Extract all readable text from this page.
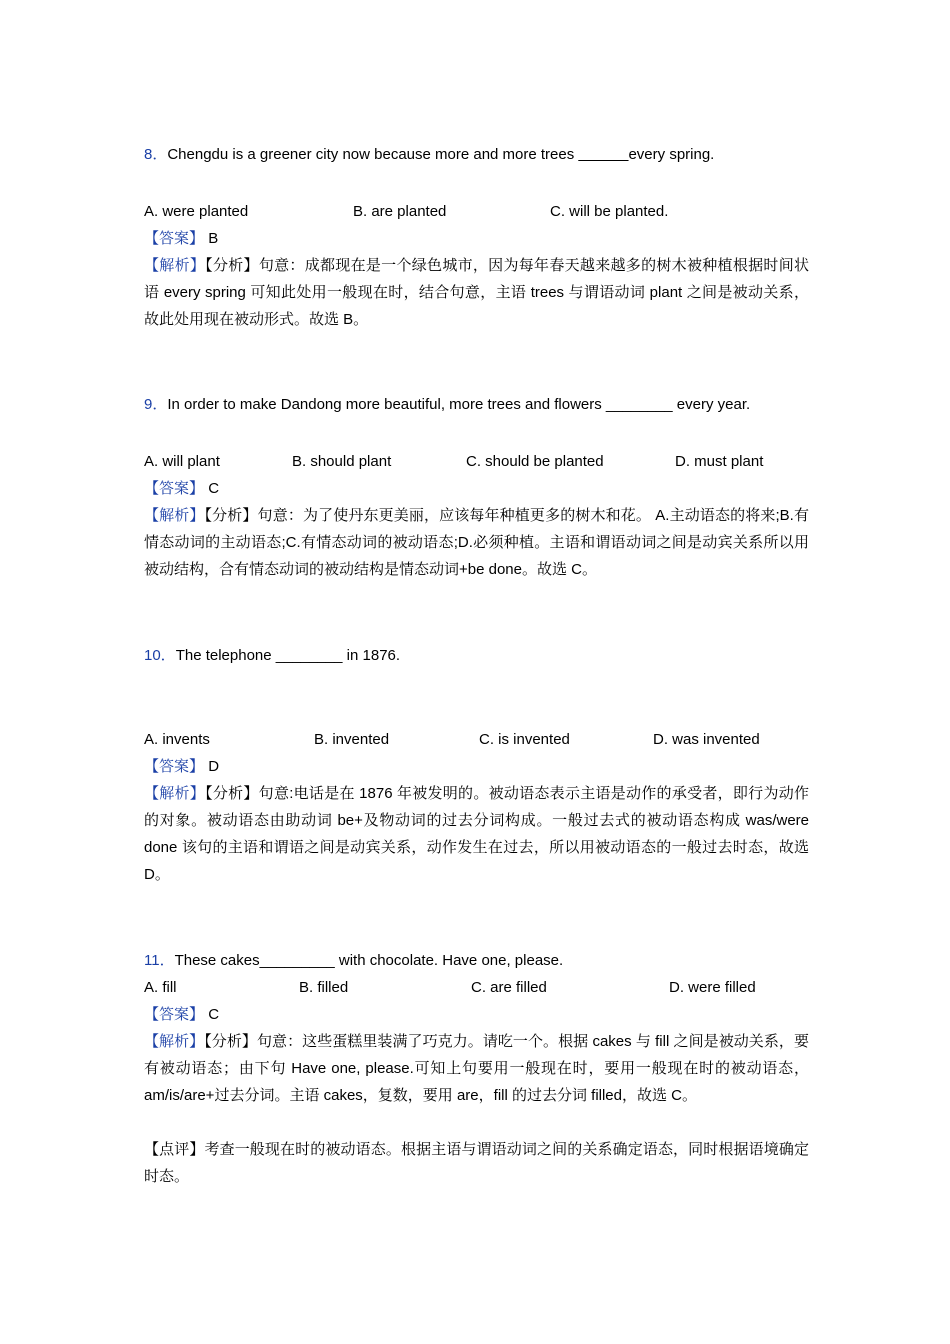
8．Chengdu is a greener city now because more and more trees ______every spring.
A. were planted	B. are planted	C. will be planted.
【答案】 B
【解析】【分析】句意：成都现在是一个绿色城市，因为每年春天越来越多的树木被种植根据时间状语 every spring 可知此处用一般现在时，结合句意，主语 trees 与谓语动词 plant 之间是被动关系，故此处用现在被动形式。故选 B。
9．In order to make Dandong more beautiful, more trees and flowers ________ every year.
A. will plant	B. should plant	C. should be planted	D. must plant
【答案】 C
【解析】【分析】句意：为了使丹东更美丽，应该每年种植更多的树木和花。 A.主动语态的将来;B.有情态动词的主动语态;C.有情态动词的被动语态;D.必须种植。主语和谓语动词之间是动宾关系所以用被动结构，合有情态动词的被动结构是情态动词+be done。故选 C。
10．The telephone ________ in 1876.
A. invents	B. invented	C. is invented	D. was invented
【答案】 D
【解析】【分析】句意:电话是在 1876 年被发明的。被动语态表示主语是动作的承受者，即行为动作的对象。被动语态由助动词 be+及物动词的过去分词构成。一般过去式的被动语态构成 was/were done 该句的主语和谓语之间是动宾关系，动作发生在过去，所以用被动语态的一般过去时态，故选 D。
11．These cakes_________ with chocolate. Have one, please.
A. fill	B. filled	C. are filled	D. were filled
【答案】 C
【解析】【分析】句意：这些蛋糕里装满了巧克力。请吃一个。根据 cakes 与 fill 之间是被动关系，要有被动语态；由下句 Have one, please.可知上句要用一般现在时，要用一般现在时的被动语态，am/is/are+过去分词。主语 cakes，复数，要用 are，fill 的过去分词 filled，故选 C。
【点评】考查一般现在时的被动语态。根据主语与谓语动词之间的关系确定语态，同时根据语境确定时态。
